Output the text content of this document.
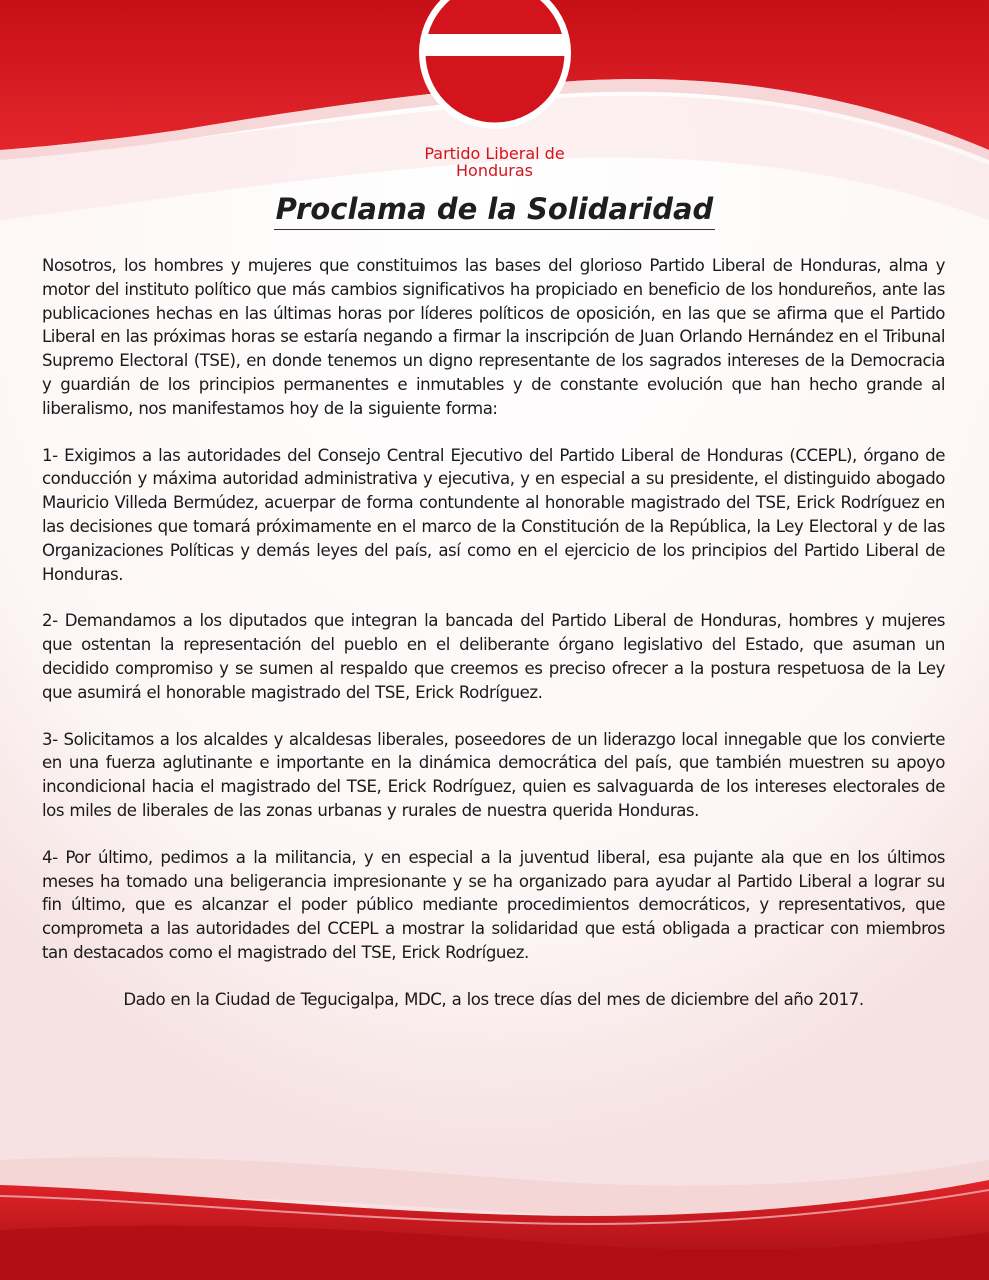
Partido Liberal de
Honduras
Proclama de la Solidaridad

Nosotros, los hombres y mujeres que constituimos las bases del glorioso Partido Liberal de Honduras, alma y motor del instituto político que más cambios significativos ha propiciado en beneficio de los hondureños, ante las publicaciones hechas en las últimas horas por líderes políticos de oposición, en las que se afirma que el Partido Liberal en las próximas horas se estaría negando a firmar la inscripción de Juan Orlando Hernández en el Tribunal Supremo Electoral (TSE), en donde tenemos un digno representante de los sagrados intereses de la Democracia y guardián de los principios permanentes e inmutables y de constante evolución que han hecho grande al liberalismo, nos manifestamos hoy de la siguiente forma:

1- Exigimos a las autoridades del Consejo Central Ejecutivo del Partido Liberal de Honduras (CCEPL), órgano de conducción y máxima autoridad administrativa y ejecutiva, y en especial a su presidente, el distinguido abogado Mauricio Villeda Bermúdez, acuerpar de forma contundente al honorable magistrado del TSE, Erick Rodríguez en las decisiones que tomará próximamente en el marco de la Constitución de la República, la Ley Electoral y de las Organizaciones Políticas y demás leyes del país, así como en el ejercicio de los principios del Partido Liberal de Honduras.

2- Demandamos a los diputados que integran la bancada del Partido Liberal de Honduras, hombres y mujeres que ostentan la representación del pueblo en el deliberante órgano legislativo del Estado, que asuman un decidido compromiso y se sumen al respaldo que creemos es preciso ofrecer a la postura respetuosa de la Ley que asumirá el honorable magistrado del TSE, Erick Rodríguez.

3- Solicitamos a los alcaldes y alcaldesas liberales, poseedores de un liderazgo local innegable que los convierte en una fuerza aglutinante e importante en la dinámica democrática del país, que también muestren su apoyo incondicional hacia el magistrado del TSE, Erick Rodríguez, quien es salvaguarda de los intereses electorales de los miles de liberales de las zonas urbanas y rurales de nuestra querida Honduras.

4- Por último, pedimos a la militancia, y en especial a la juventud liberal, esa pujante ala que en los últimos meses ha tomado una beligerancia impresionante y se ha organizado para ayudar al Partido Liberal a lograr su fin último, que es alcanzar el poder público mediante procedimientos democráticos, y representativos, que comprometa a las autoridades del CCEPL a mostrar la solidaridad que está obligada a practicar con miembros tan destacados como el magistrado del TSE, Erick Rodríguez.

Dado en la Ciudad de Tegucigalpa, MDC, a los trece días del mes de diciembre del año 2017.
